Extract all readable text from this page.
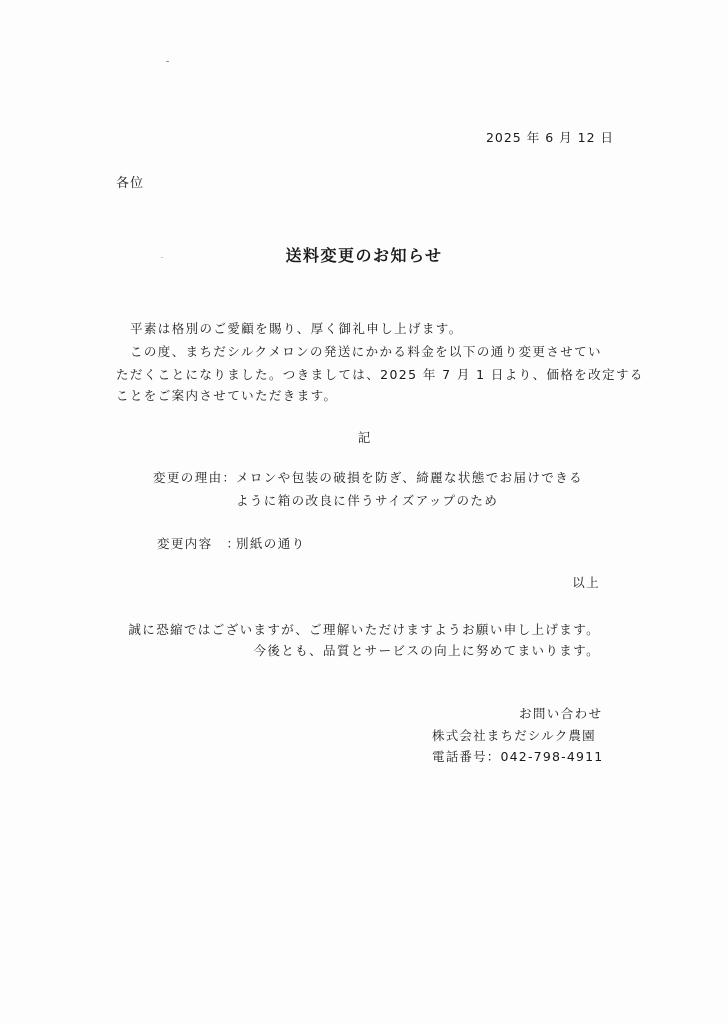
2025 年 6 月 12 日
各位
送料変更のお知らせ
平素は格別のご愛顧を賜り、厚く御礼申し上げます。
この度、まちだシルクメロンの発送にかかる料金を以下の通り変更させてい
ただくことになりました。つきましては、2025 年 7 月 1 日より、価格を改定する
ことをご案内させていただきます。
記
変更の理由： メロンや包装の破損を防ぎ、綺麗な状態でお届けできる
ように箱の改良に伴うサイズアップのため
変更内容　：
別紙の通り
以上
誠に恐縮ではございますが、ご理解いただけますようお願い申し上げます。
今後とも、品質とサービスの向上に努めてまいります。
お問い合わせ
株式会社まちだシルク農園
電話番号：042-798-4911
